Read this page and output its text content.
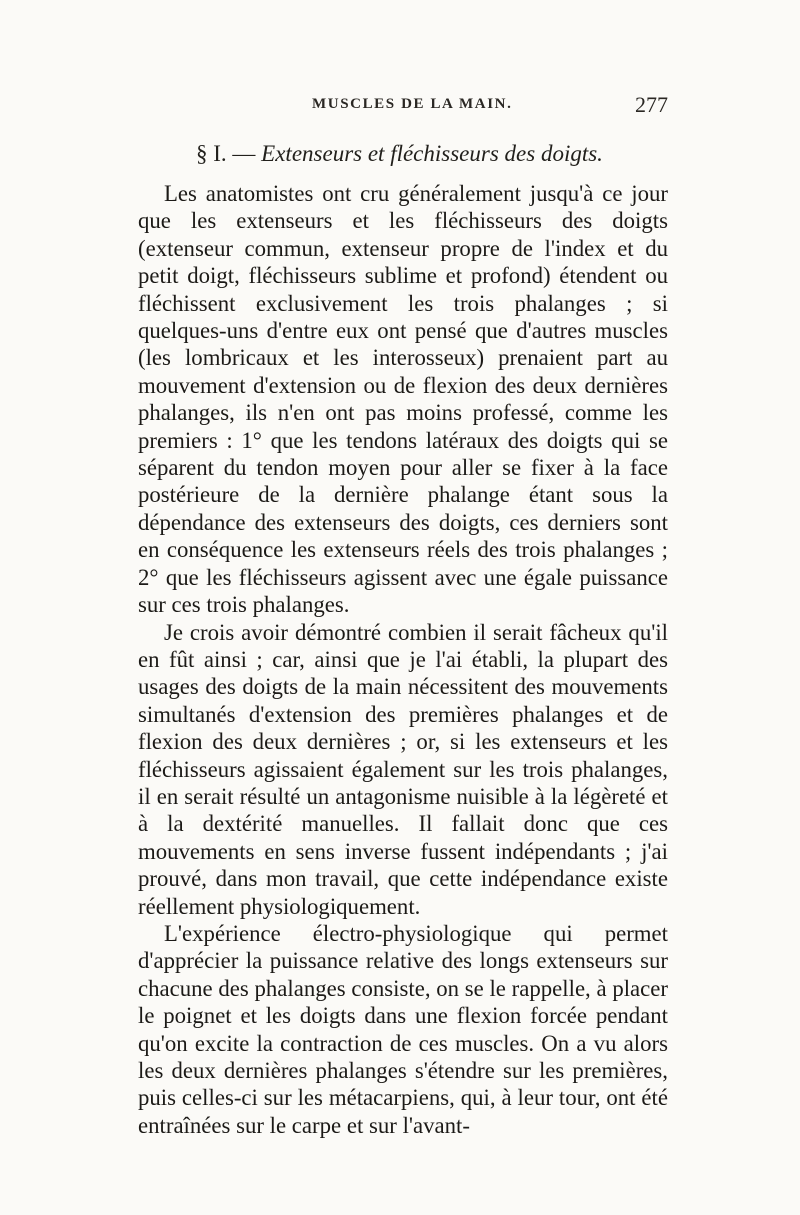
MUSCLES DE LA MAIN.	277
§ I. — Extenseurs et fléchisseurs des doigts.

Les anatomistes ont cru généralement jusqu'à ce jour que les extenseurs et les fléchisseurs des doigts (extenseur commun, extenseur propre de l'index et du petit doigt, fléchisseurs sublime et profond) étendent ou fléchissent exclusivement les trois phalanges ; si quelques-uns d'entre eux ont pensé que d'autres muscles (les lombricaux et les interosseux) prenaient part au mouvement d'extension ou de flexion des deux dernières phalanges, ils n'en ont pas moins professé, comme les premiers : 1° que les tendons latéraux des doigts qui se séparent du tendon moyen pour aller se fixer à la face postérieure de la dernière phalange étant sous la dépendance des extenseurs des doigts, ces derniers sont en conséquence les extenseurs réels des trois phalanges ; 2° que les fléchisseurs agissent avec une égale puissance sur ces trois phalanges.

Je crois avoir démontré combien il serait fâcheux qu'il en fût ainsi ; car, ainsi que je l'ai établi, la plupart des usages des doigts de la main nécessitent des mouvements simultanés d'extension des premières phalanges et de flexion des deux dernières ; or, si les extenseurs et les fléchisseurs agissaient également sur les trois phalanges, il en serait résulté un antagonisme nuisible à la légèreté et à la dextérité manuelles. Il fallait donc que ces mouvements en sens inverse fussent indépendants ; j'ai prouvé, dans mon travail, que cette indépendance existe réellement physiologiquement.

L'expérience électro-physiologique qui permet d'apprécier la puissance relative des longs extenseurs sur chacune des phalanges consiste, on se le rappelle, à placer le poignet et les doigts dans une flexion forcée pendant qu'on excite la contraction de ces muscles. On a vu alors les deux dernières phalanges s'étendre sur les premières, puis celles-ci sur les métacarpiens, qui, à leur tour, ont été entraînées sur le carpe et sur l'avant-
